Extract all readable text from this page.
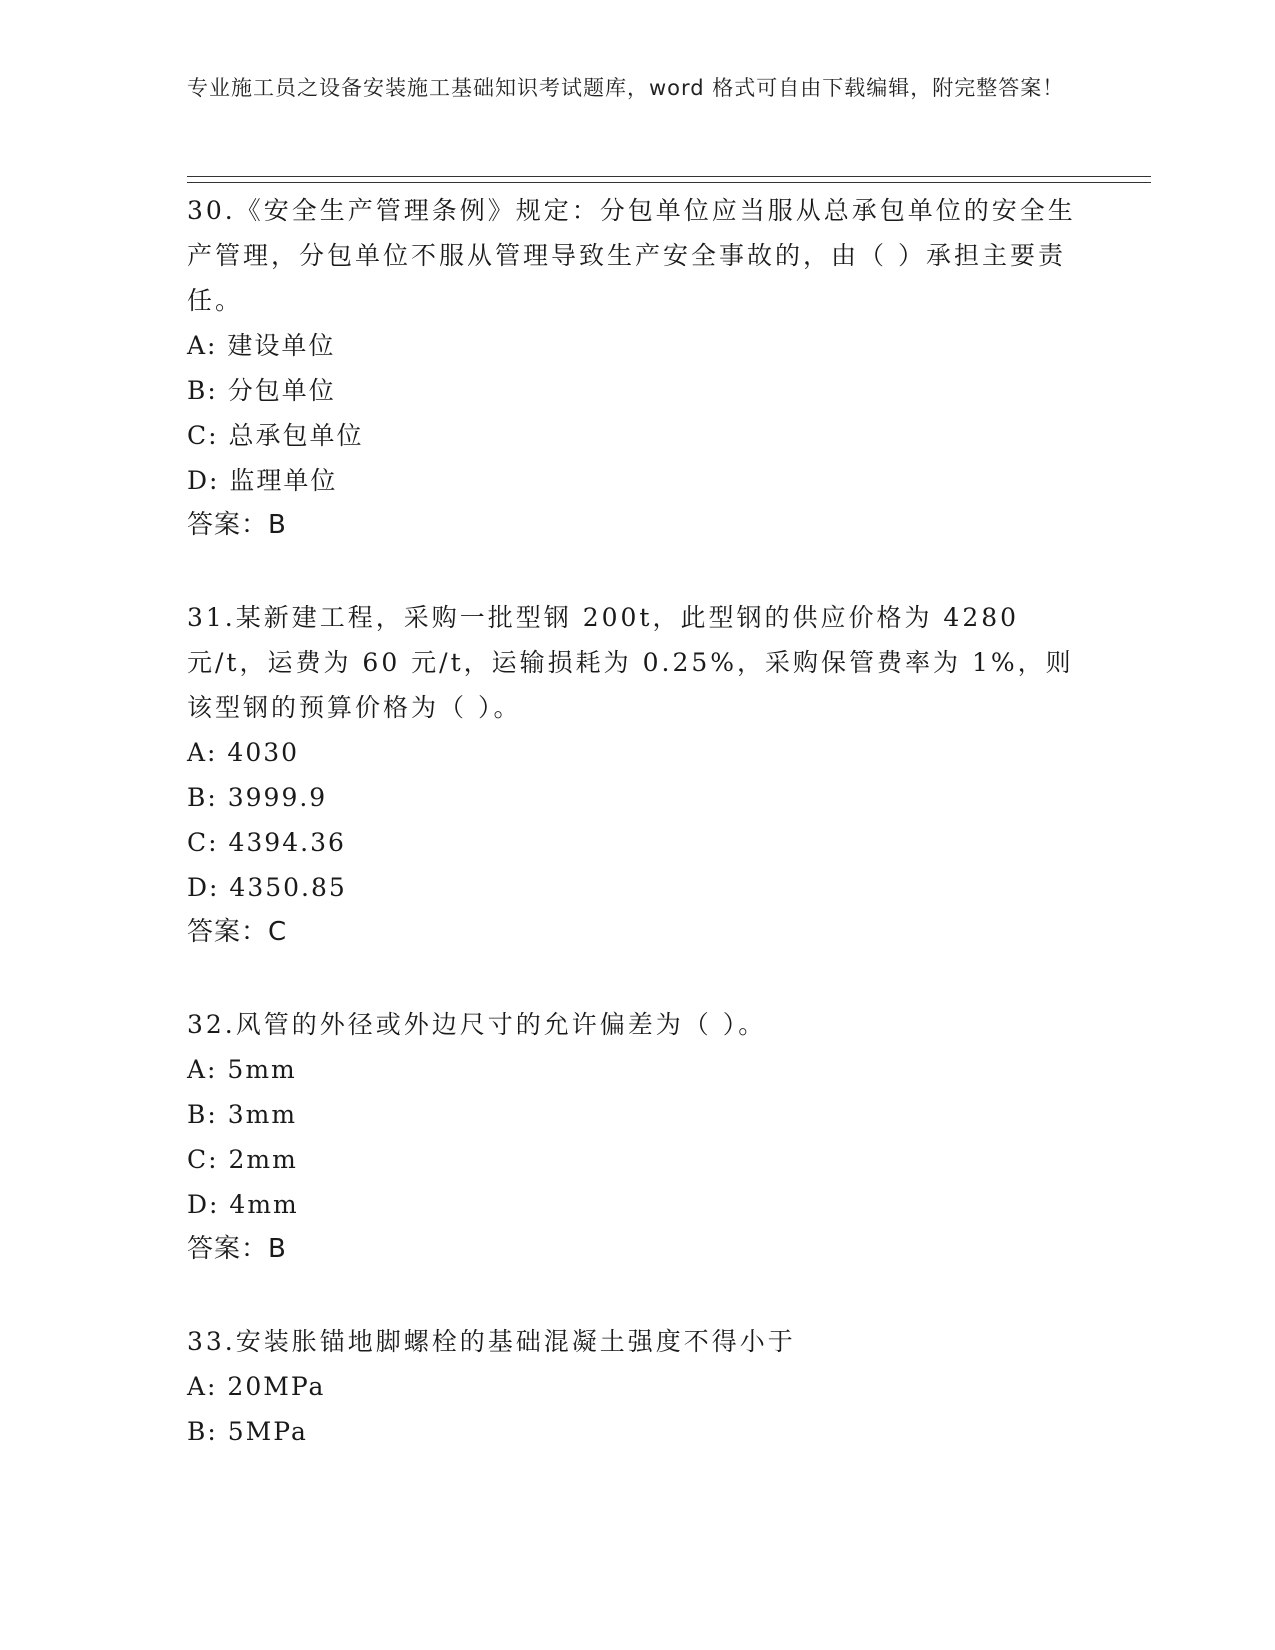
专业施工员之设备安装施工基础知识考试题库，word 格式可自由下载编辑，附完整答案！

30.《安全生产管理条例》规定：分包单位应当服从总承包单位的安全生产管理，分包单位不服从管理导致生产安全事故的，由（ ）承担主要责任。

A: 建设单位

B: 分包单位

C: 总承包单位

D: 监理单位

答案：B

31.某新建工程，采购一批型钢 200t，此型钢的供应价格为 4280 元/t，运费为 60 元/t，运输损耗为 0.25%，采购保管费率为 1%，则该型钢的预算价格为（ ）。

A: 4030

B: 3999.9

C: 4394.36

D: 4350.85

答案：C

32.风管的外径或外边尺寸的允许偏差为（ ）。

A: 5mm

B: 3mm

C: 2mm

D: 4mm

答案：B

33.安装胀锚地脚螺栓的基础混凝土强度不得小于

A: 20MPa

B: 5MPa
